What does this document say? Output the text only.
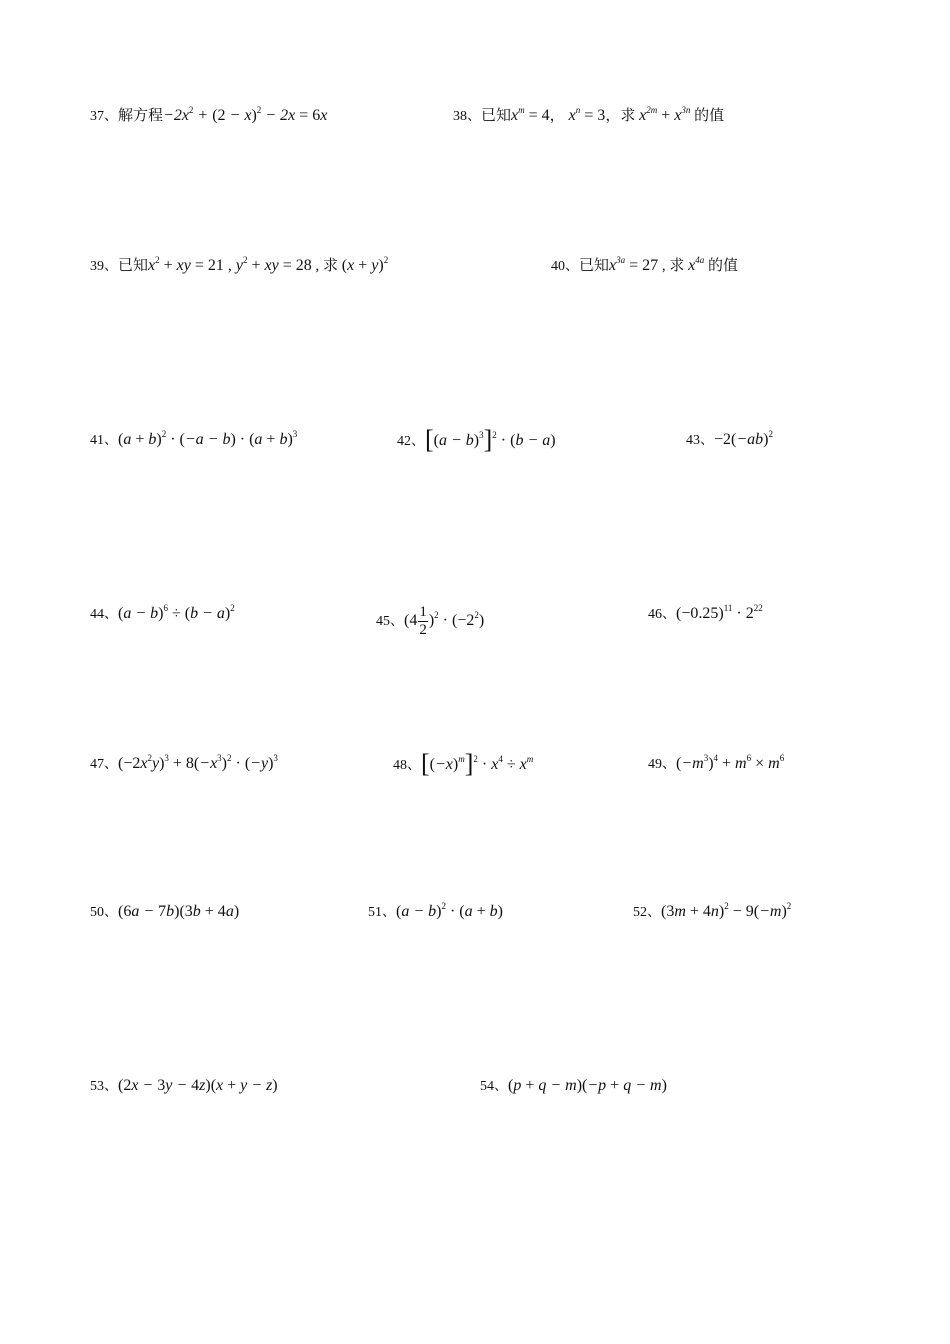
37、解方程$-2x^2 + (2 - x)^2 - 2x = 6x$	38、已知$x^m = 4$， $x^n = 3$，求 $x^{2m} + x^{3n}$ 的值
39、已知$x^2$ + xy = 21 , $y^2$ + xy = 28 , 求 $(x + y)^2$	40、已知$x^{3a} = 27$ , 求 $x^{4a}$ 的值
41、$(a + b)^2 \cdot (-a - b) \cdot (a + b)^3$	42、$[(a - b)^3]^2 \cdot (b - a)$	43、$-2(-ab)^2$
44、$(a - b)^6 \div (b - a)^2$
45、$(4 \frac{1}{2} )^2 \cdot (-2^2)$	46、$(-0.25)^{11} \cdot 2^{22}$
47、$(-2x^2y)^3 + 8(-x^3)^2 \cdot (-y)^3$	48、$[(-x)^m]^2 \cdot x^4 \div x^m$	49、$(-m^3)^4 + m^6 \times m^6$
50、(6a − 7b)(3b + 4a)	51、$(a - b)^2 \cdot (a + b)$	52、$(3m + 4n)^2 - 9(-m)^2$
53、(2x − 3y − 4z)(x + y − z)	54、(p + q − m)(−p + q − m)
